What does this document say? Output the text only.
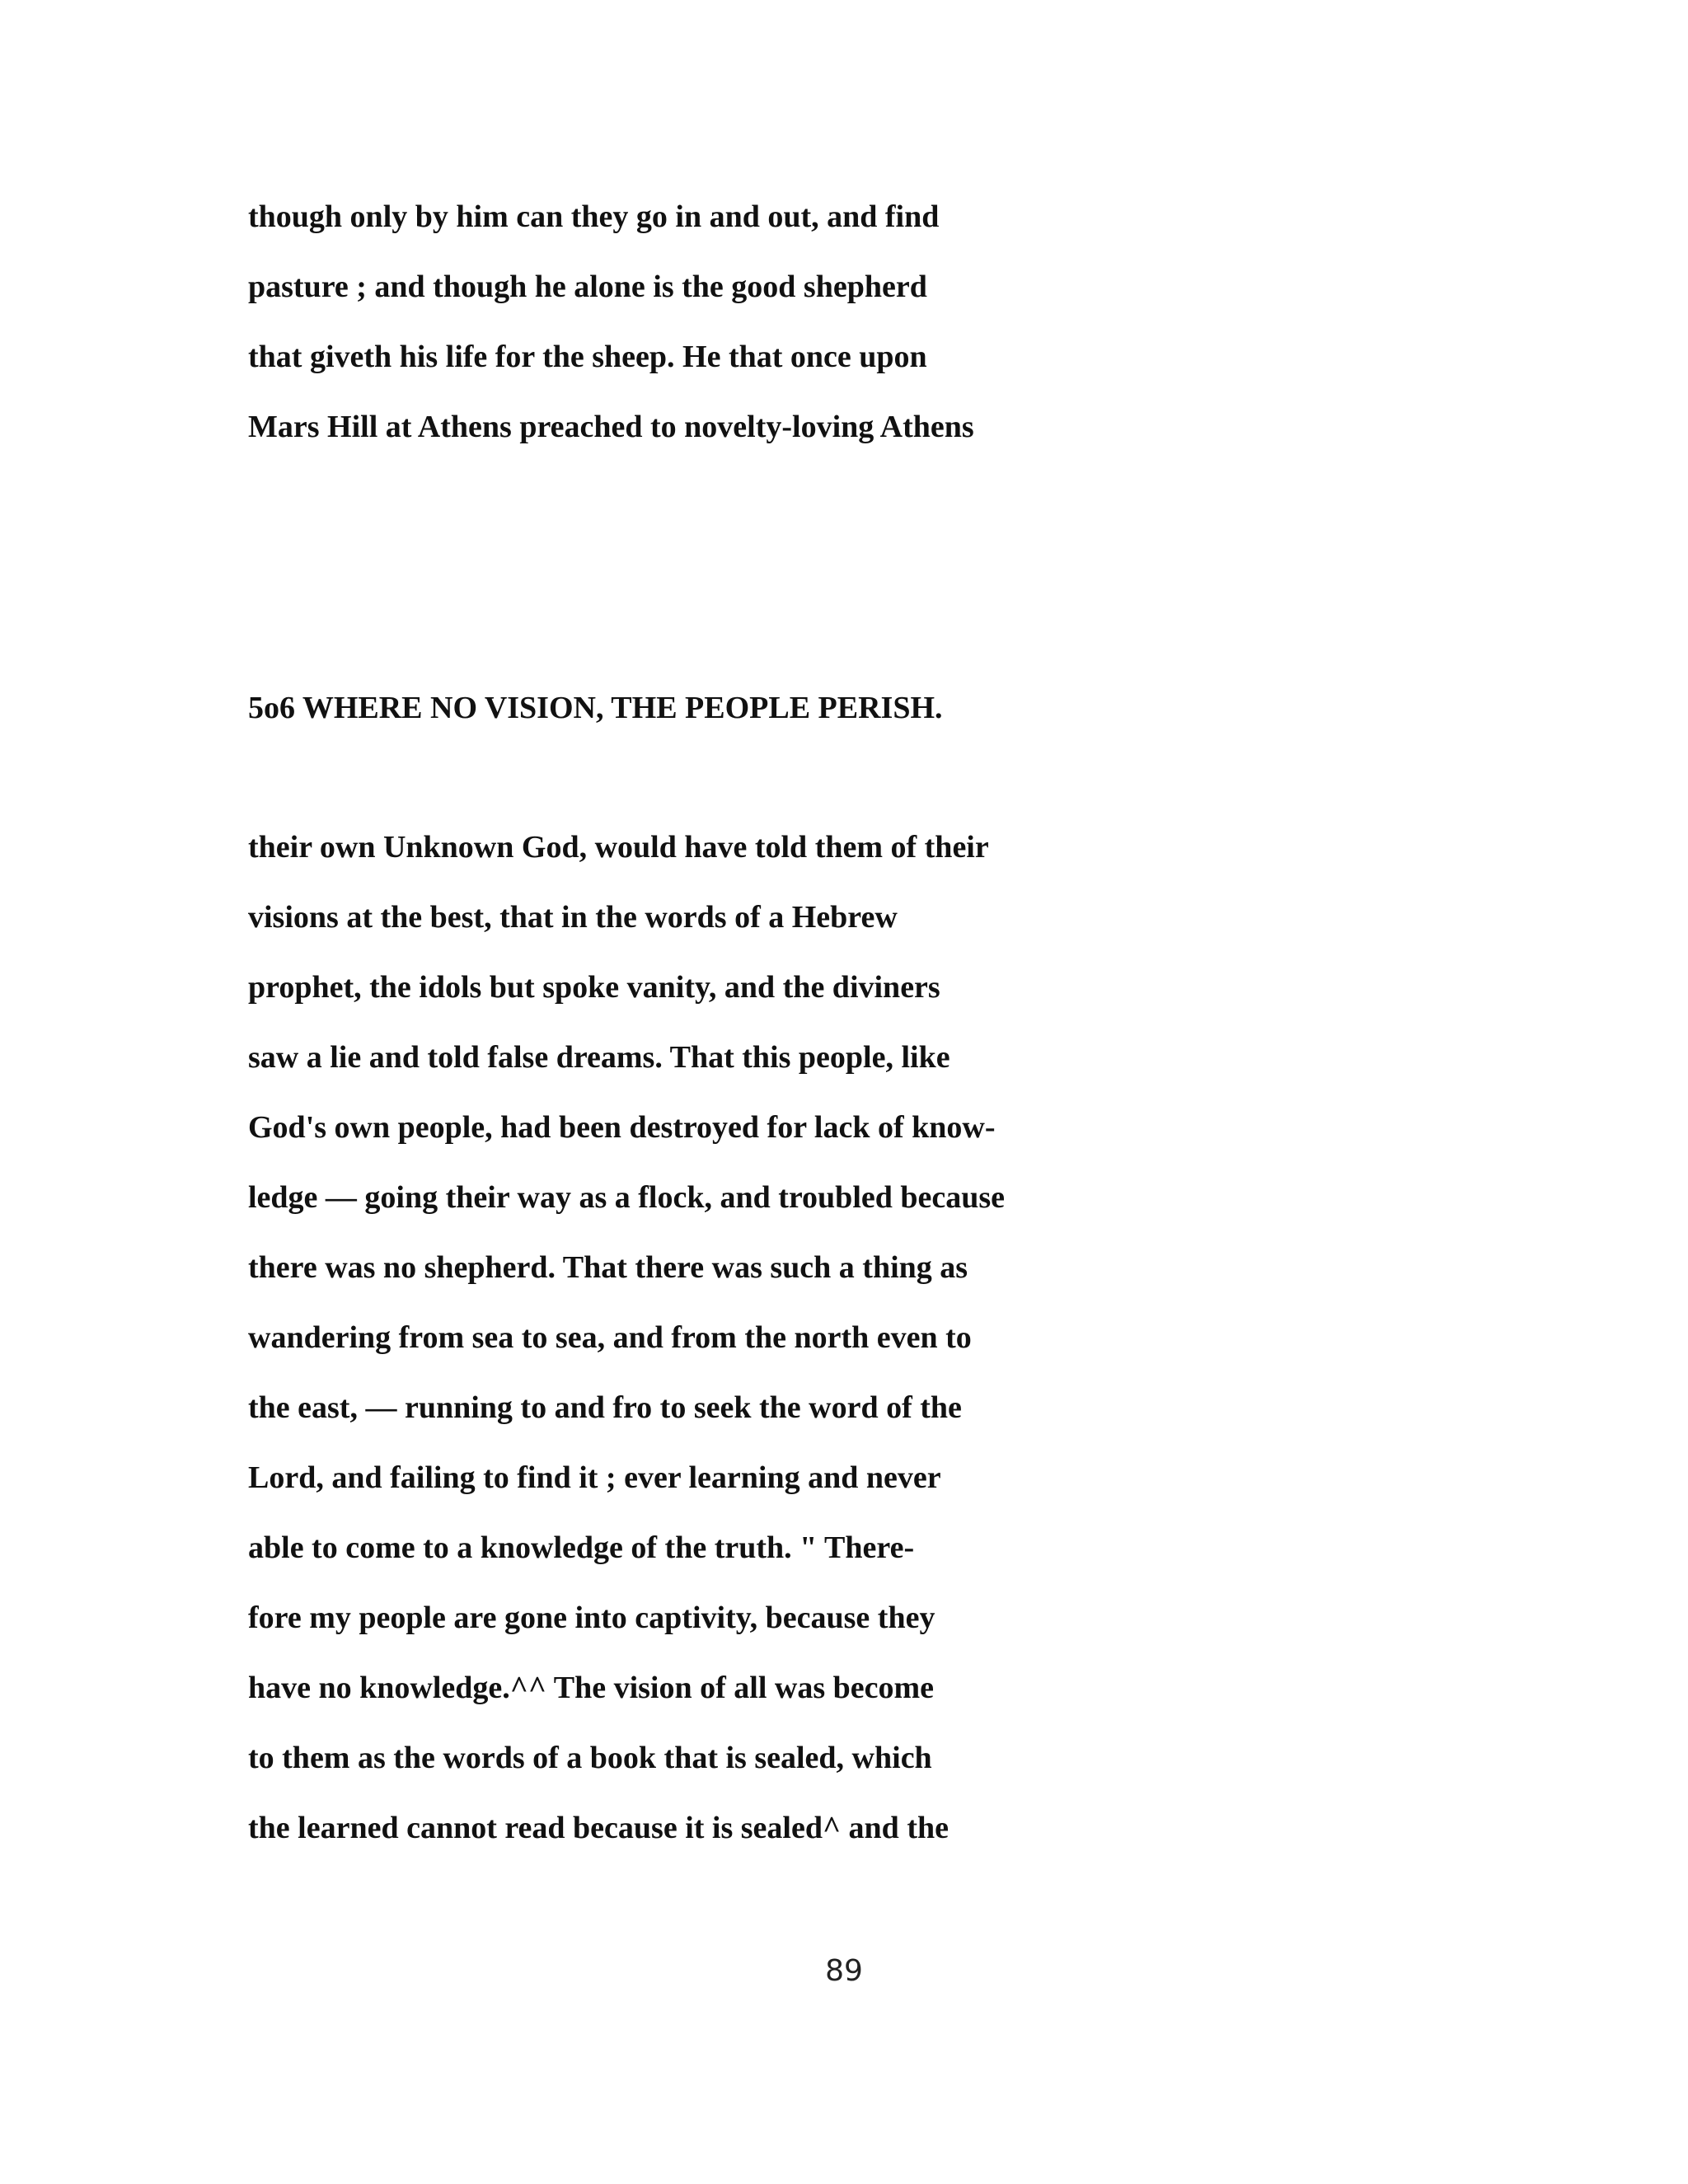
though only by him can they go in and out, and find
pasture ; and though he alone is the good shepherd
that giveth his life for the sheep. He that once upon
Mars Hill at Athens preached to novelty-loving Athens
5o6 WHERE NO VISION, THE PEOPLE PERISH.
their own Unknown God, would have told them of their
visions at the best, that in the words of a Hebrew
prophet, the idols but spoke vanity, and the diviners
saw a lie and told false dreams. That this people, like
God's own people, had been destroyed for lack of know-
ledge — going their way as a flock, and troubled because
there was no shepherd. That there was such a thing as
wandering from sea to sea, and from the north even to
the east, — running to and fro to seek the word of the
Lord, and failing to find it ; ever learning and never
able to come to a knowledge of the truth. " There-
fore my people are gone into captivity, because they
have no knowledge.^^ The vision of all was become
to them as the words of a book that is sealed, which
the learned cannot read because it is sealed^ and the
89
